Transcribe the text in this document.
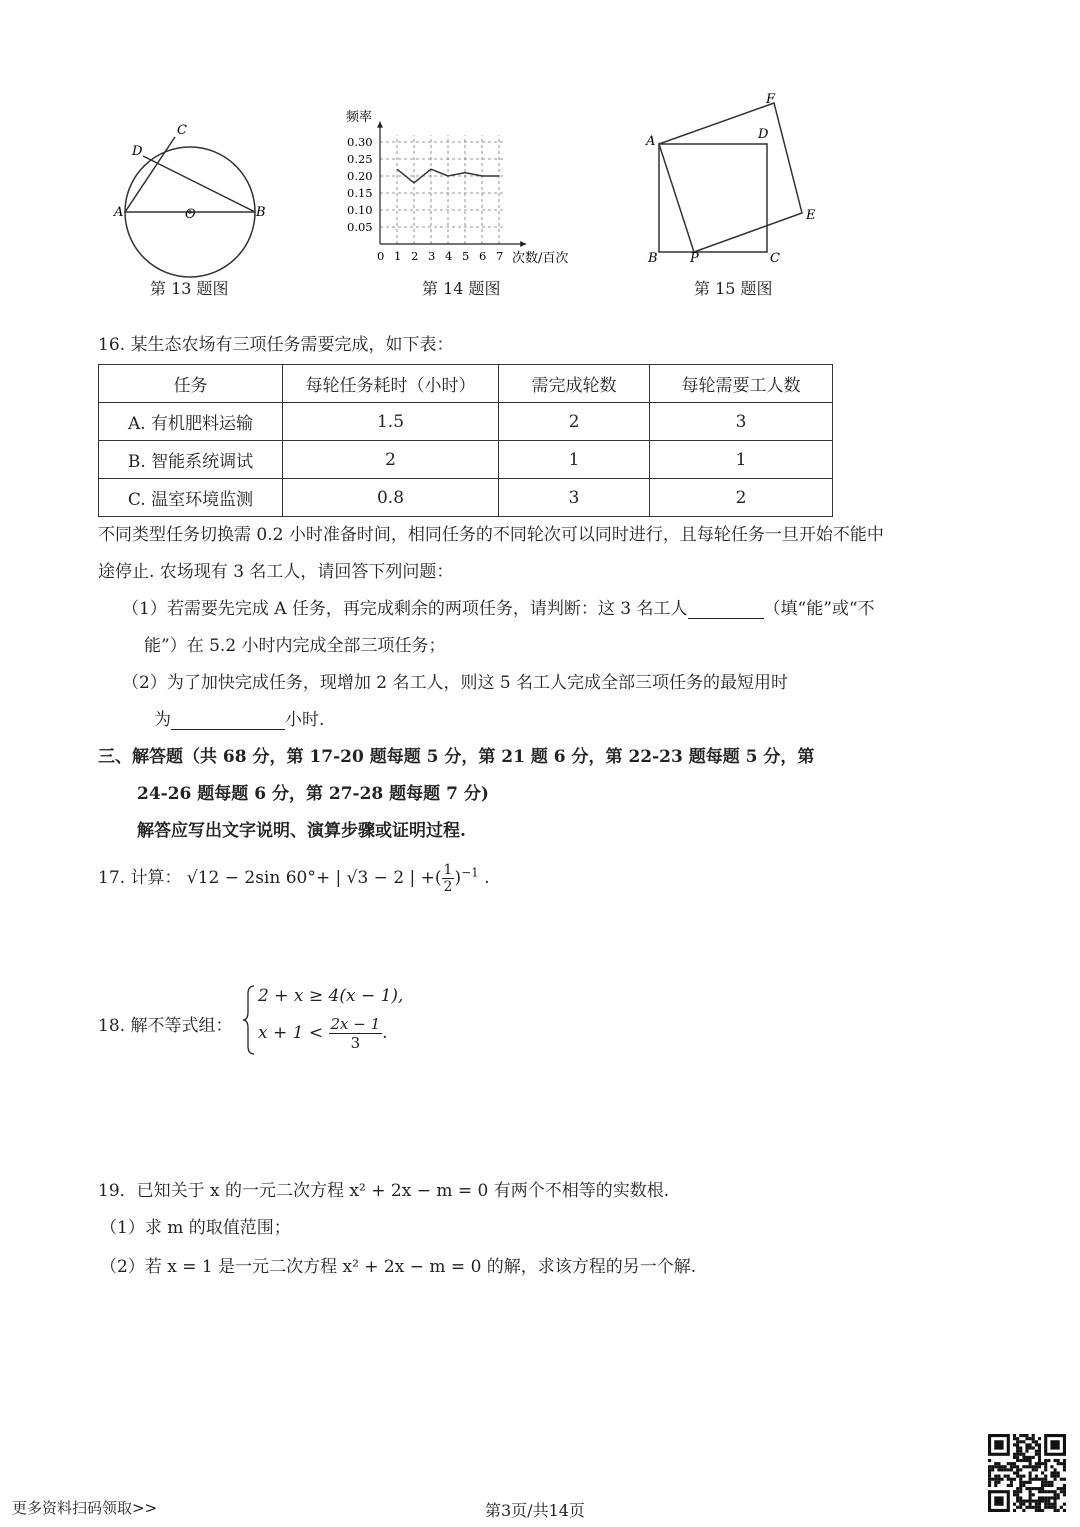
A	B
C
D
O
第 13 题图
频率
次数/百次
0.30
0.25
0.20
0.15
0.10
0.05
0 1 2 3 4 5 6 7
第 14 题图
A
B	C
D
E
F
P
第 15 题图
16. 某生态农场有三项任务需要完成，如下表：
任务	每轮任务耗时（小时）	需完成轮数	每轮需要工人数
A. 有机肥料运输	1.5	2	3
B. 智能系统调试	2	1	1
C. 温室环境监测	0.8	3	2
不同类型任务切换需 0.2 小时准备时间，相同任务的不同轮次可以同时进行，且每轮任务一旦开始不能中
途停止. 农场现有 3 名工人，请回答下列问题：
（1）若需要先完成 A 任务，再完成剩余的两项任务，请判断：这 3 名工人	（填“能”或“不
能”）在 5.2 小时内完成全部三项任务；
（2）为了加快完成任务，现增加 2 名工人，则这 5 名工人完成全部三项任务的最短用时
为	小时.
三、解答题（共 68 分，第 17-20 题每题 5 分，第 21 题 6 分，第 22-23 题每题 5 分，第
24-26 题每题 6 分，第 27-28 题每题 7 分)
解答应写出文字说明、演算步骤或证明过程.
17. 计算： √12 − 2sin 60°+ | √3 − 2 | +( $\frac{1}{2} )^{-1}$ .
18. 解不等式组：
2 + x ≥ 4(x − 1),
$x + 1 < \frac{2x - 1}{3}$ .
19．已知关于 x 的一元二次方程 x² + 2x − m = 0 有两个不相等的实数根.
（1）求 m 的取值范围；
（2）若 x = 1 是一元二次方程 x² + 2x − m = 0 的解，求该方程的另一个解.
更多资料扫码领取>>	第3页/共14页
